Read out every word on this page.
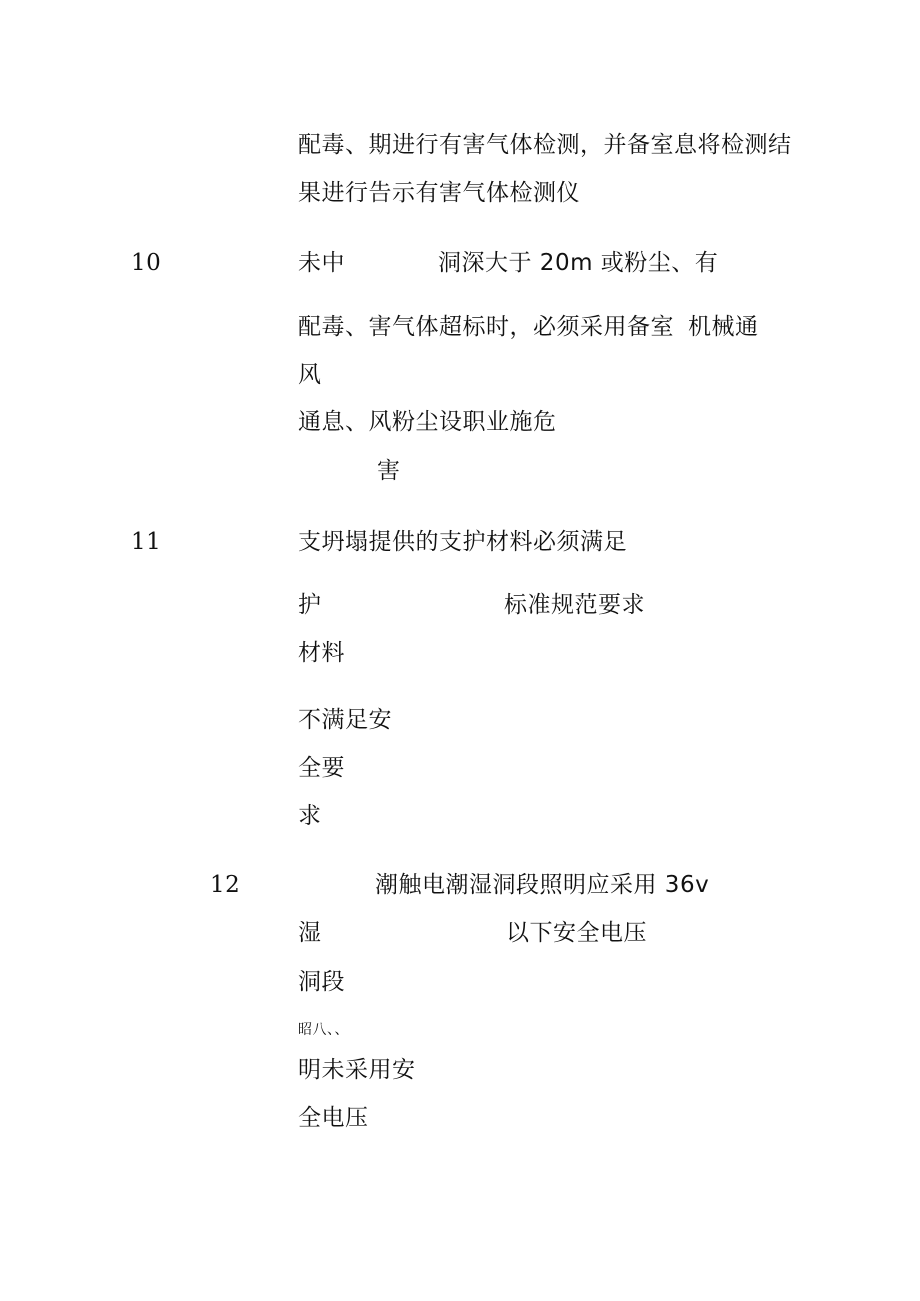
配毒、期进行有害气体检测，并备室息将检测结
果进行告示有害气体检测仪
10	未中	洞深大于 20m 或粉尘、有
配毒、害气体超标时，必须采用备室 机械通
风
通息、风粉尘设职业施危
害
11	支坍塌提供的支护材料必须满足
护	标准规范要求
材料
不满足安
全要
求
12	潮触电潮湿洞段照明应采用 36v
湿	以下安全电压
洞段
昭八、、
明未采用安
全电压
